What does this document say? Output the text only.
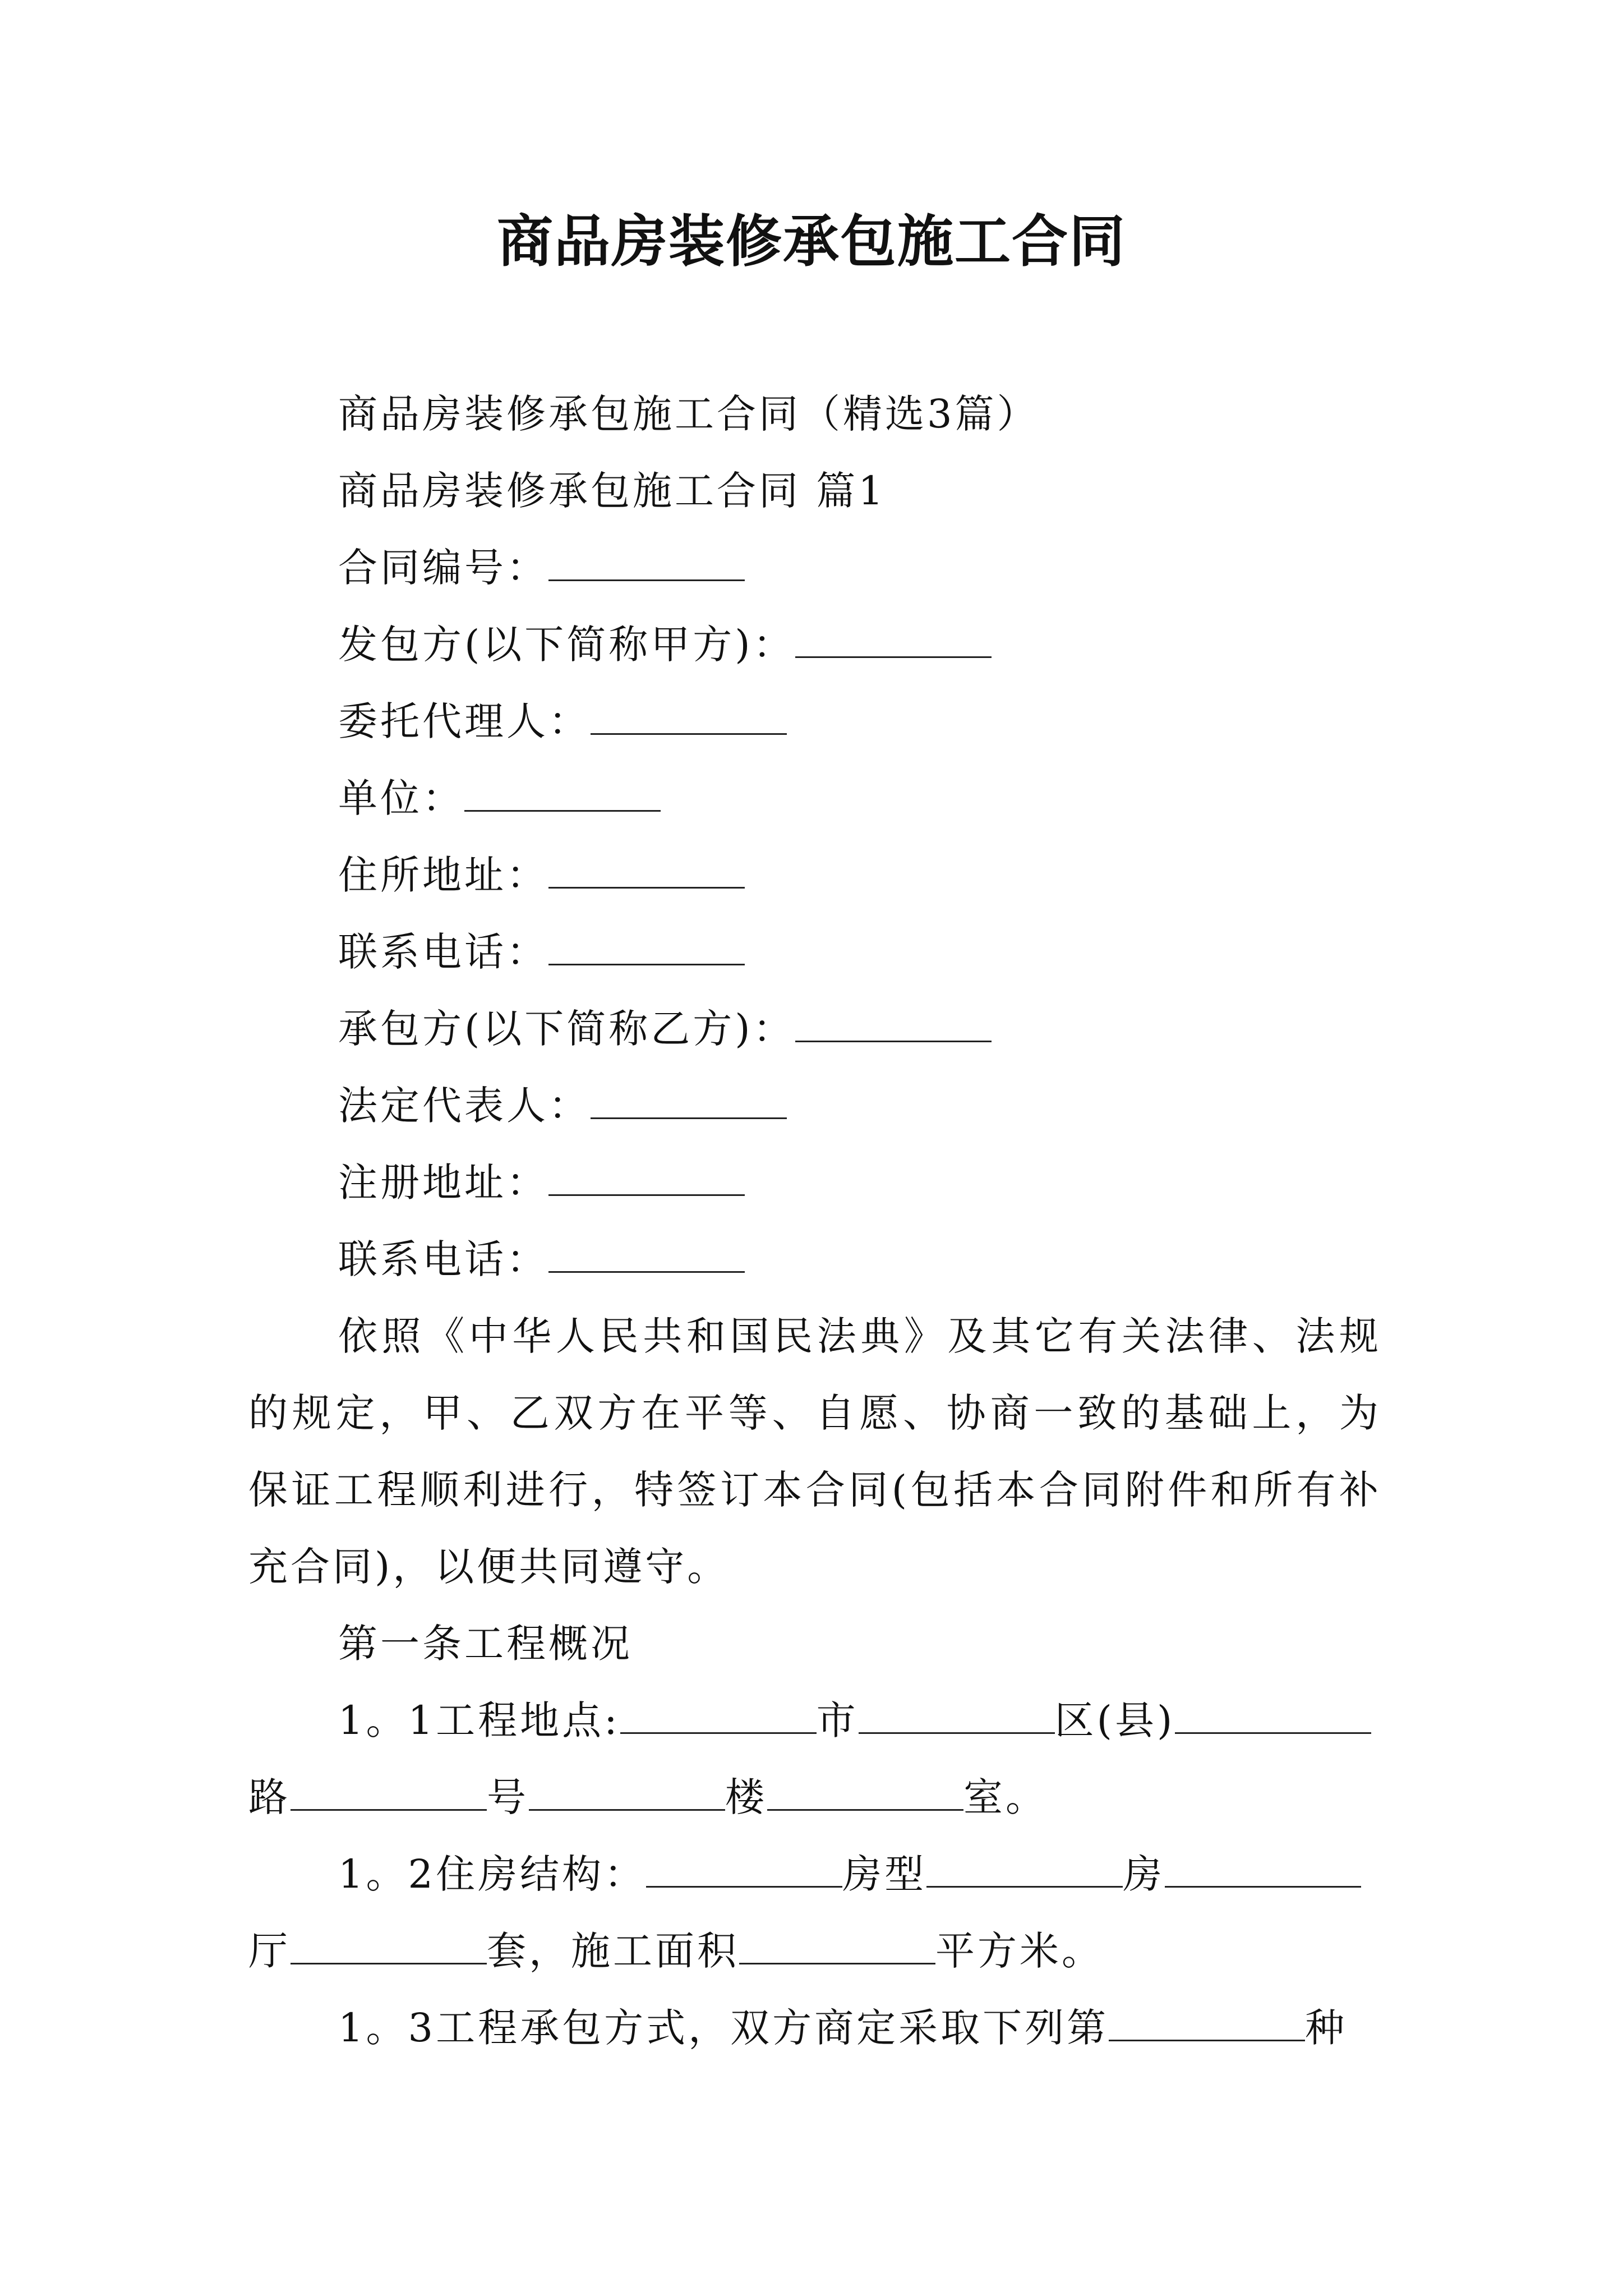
商品房装修承包施工合同
商品房装修承包施工合同（精选3篇）
商品房装修承包施工合同 篇1
合同编号：
发包方(以下简称甲方)：
委托代理人：
单位：
住所地址：
联系电话：
承包方(以下简称乙方)：
法定代表人：
注册地址：
联系电话：
依照《中华人民共和国民法典》及其它有关法律、法规的规定，甲、乙双方在平等、自愿、协商一致的基础上，为保证工程顺利进行，特签订本合同(包括本合同附件和所有补充合同)，以便共同遵守。
第一条工程概况
1。1工程地点:	市	区(县)
路	号	楼	室。
1。2住房结构：	房型	房
厅	套，施工面积	平方米。
1。3工程承包方式，双方商定采取下列第	种
